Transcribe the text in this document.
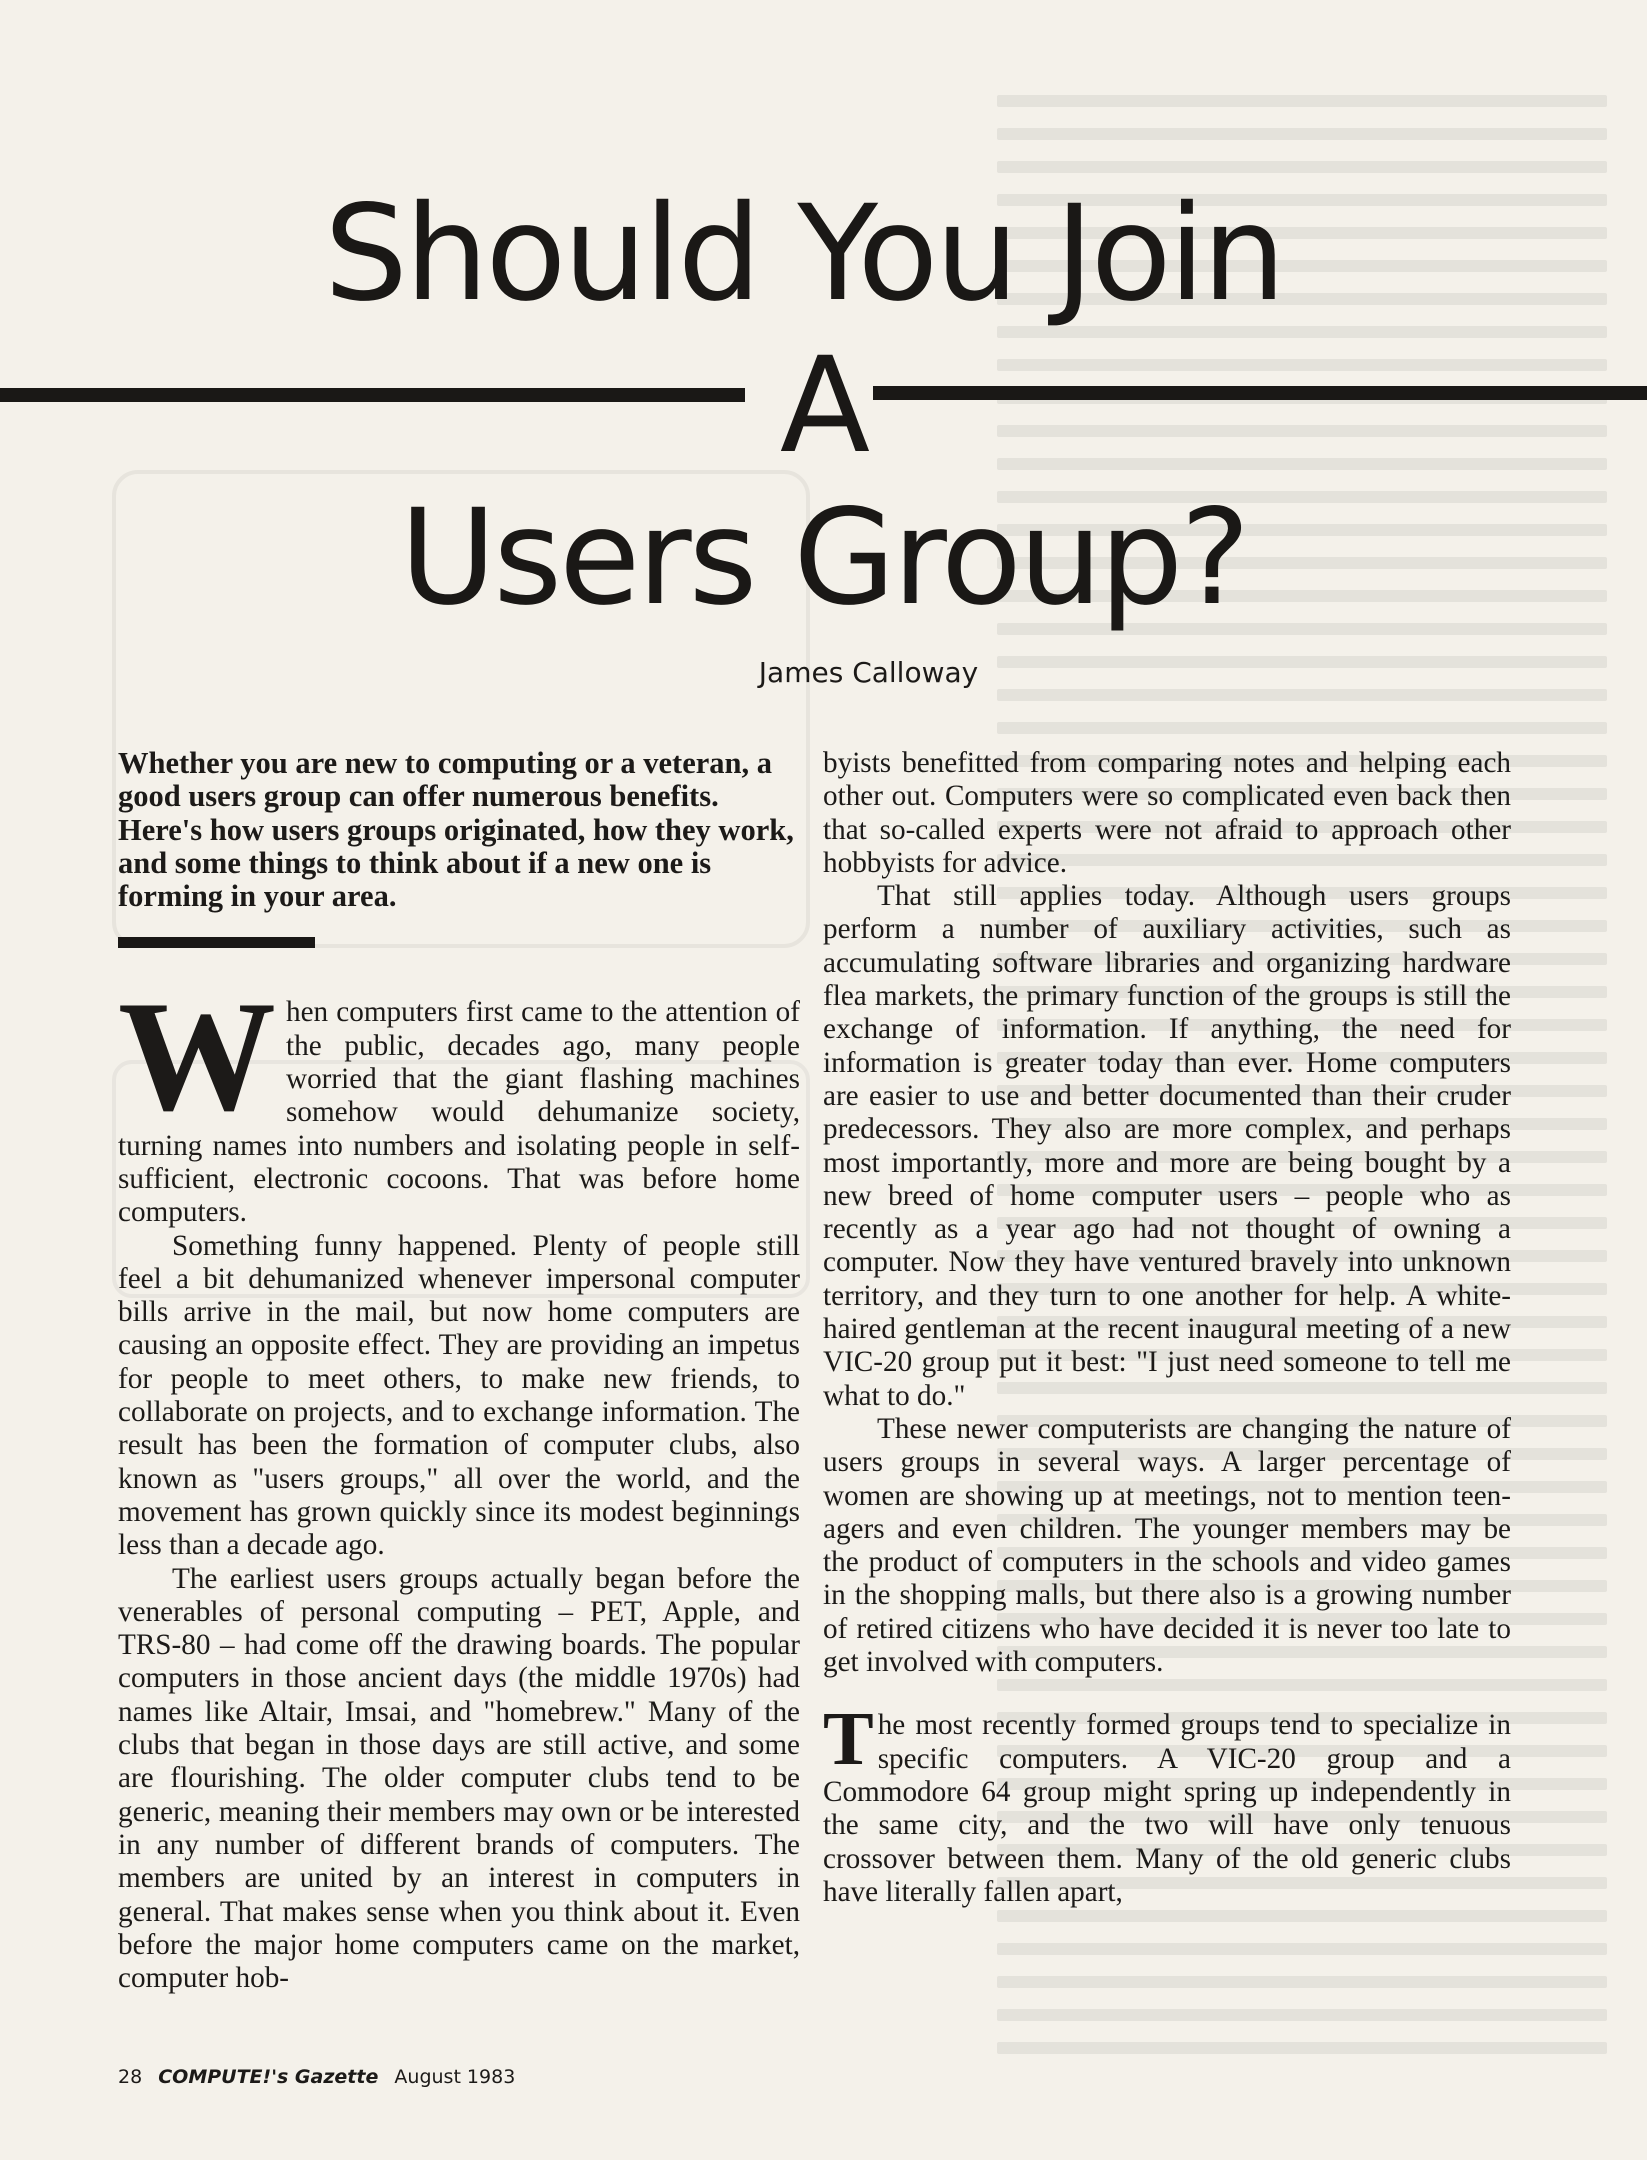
Should You Join
A
Users Group?
James Calloway

Whether you are new to computing or a veteran, a good users group can offer numerous benefits. Here's how users groups originated, how they work, and some things to think about if a new one is forming in your area.

When computers first came to the attention of the public, decades ago, many people worried that the giant flashing machines somehow would dehumanize society, turning names into numbers and isolating people in self-sufficient, electronic cocoons. That was before home computers.

Something funny happened. Plenty of people still feel a bit dehumanized whenever impersonal computer bills arrive in the mail, but now home computers are causing an opposite effect. They are providing an impetus for people to meet others, to make new friends, to collaborate on projects, and to exchange information. The result has been the formation of computer clubs, also known as "users groups," all over the world, and the movement has grown quickly since its modest beginnings less than a decade ago.

The earliest users groups actually began before the venerables of personal computing – PET, Apple, and TRS-80 – had come off the drawing boards. The popular computers in those ancient days (the middle 1970s) had names like Altair, Imsai, and "homebrew." Many of the clubs that began in those days are still active, and some are flourishing. The older computer clubs tend to be generic, meaning their members may own or be interested in any number of different brands of computers. The members are united by an interest in computers in general. That makes sense when you think about it. Even before the major home computers came on the market, computer hob-

byists benefitted from comparing notes and helping each other out. Computers were so complicated even back then that so-called experts were not afraid to approach other hobbyists for advice.

That still applies today. Although users groups perform a number of auxiliary activities, such as accumulating software libraries and organizing hardware flea markets, the primary function of the groups is still the exchange of information. If anything, the need for information is greater today than ever. Home computers are easier to use and better documented than their cruder predecessors. They also are more complex, and perhaps most importantly, more and more are being bought by a new breed of home computer users – people who as recently as a year ago had not thought of owning a computer. Now they have ventured bravely into unknown territory, and they turn to one another for help. A white-haired gentleman at the recent inaugural meeting of a new VIC-20 group put it best: "I just need someone to tell me what to do."

These newer computerists are changing the nature of users groups in several ways. A larger percentage of women are showing up at meetings, not to mention teen-agers and even children. The younger members may be the product of computers in the schools and video games in the shopping malls, but there also is a growing number of retired citizens who have decided it is never too late to get involved with computers.

The most recently formed groups tend to specialize in specific computers. A VIC-20 group and a Commodore 64 group might spring up independently in the same city, and the two will have only tenuous crossover between them. Many of the old generic clubs have literally fallen apart,

28 COMPUTE!'s Gazette August 1983
